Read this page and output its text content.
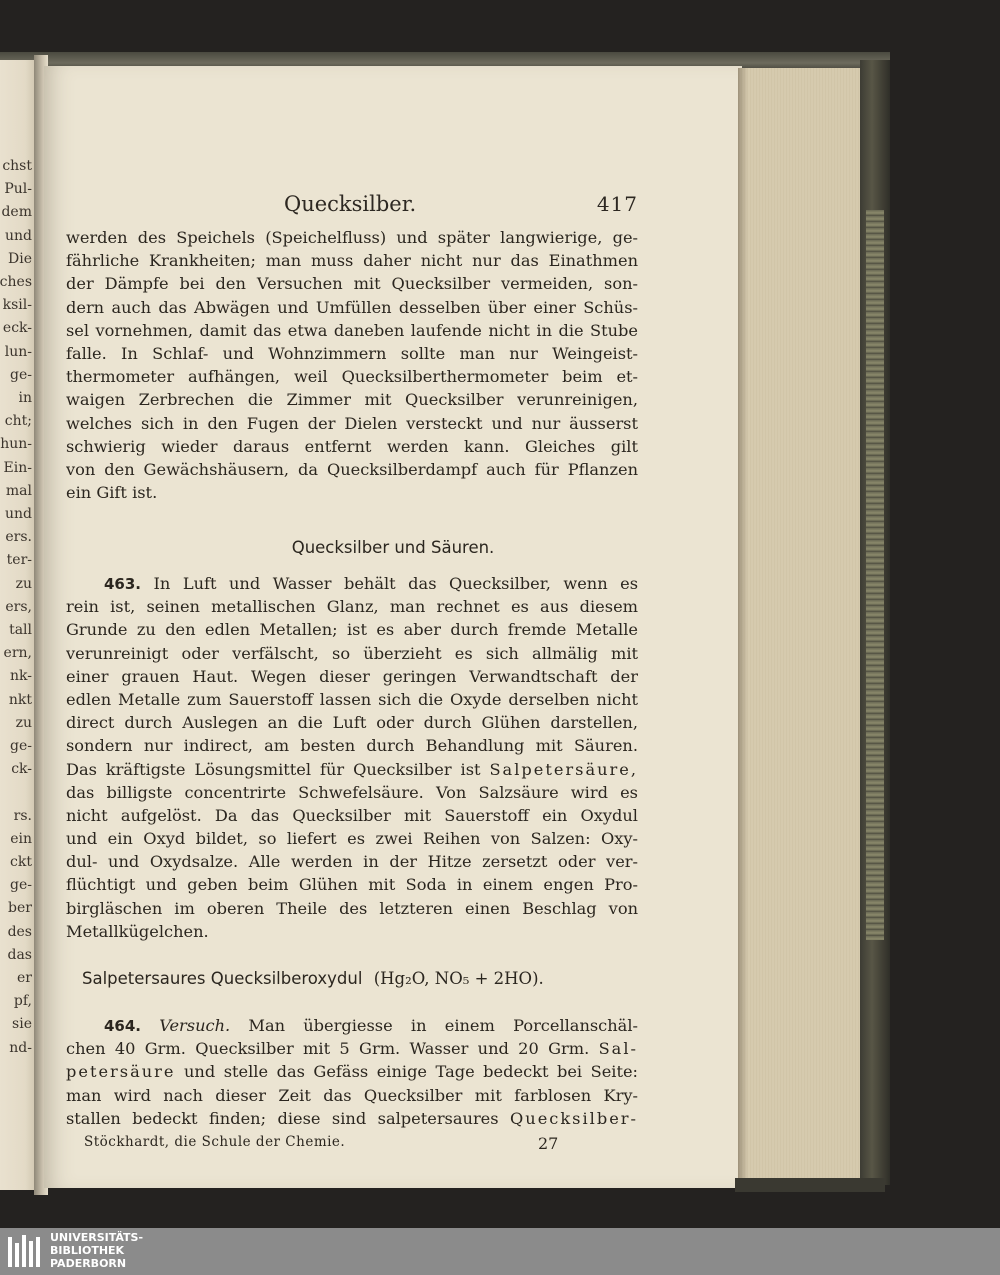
chst
Pul-
dem
und
Die
ches
ksil-
eck-
lun-
ge-
in
cht;
hun-
Ein-
mal
und
ers.
ter-
zu
ers,
tall
ern,
nk-
nkt
zu
ge-
ck-
rs.
ein
ckt
ge-
ber
des
das
er
pf,
sie
nd-
Quecksilber.	417
werden des Speichels (Speichelfluss) und später langwierige, ge-
fährliche Krankheiten; man muss daher nicht nur das Einathmen
der Dämpfe bei den Versuchen mit Quecksilber vermeiden, son-
dern auch das Abwägen und Umfüllen desselben über einer Schüs-
sel vornehmen, damit das etwa daneben laufende nicht in die Stube
falle. In Schlaf- und Wohnzimmern sollte man nur Weingeist-
thermometer aufhängen, weil Quecksilberthermometer beim et-
waigen Zerbrechen die Zimmer mit Quecksilber verunreinigen,
welches sich in den Fugen der Dielen versteckt und nur äusserst
schwierig wieder daraus entfernt werden kann. Gleiches gilt
von den Gewächshäusern, da Quecksilberdampf auch für Pflanzen
ein Gift ist.
Quecksilber und Säuren.
463. In Luft und Wasser behält das Quecksilber, wenn es
rein ist, seinen metallischen Glanz, man rechnet es aus diesem
Grunde zu den edlen Metallen; ist es aber durch fremde Metalle
verunreinigt oder verfälscht, so überzieht es sich allmälig mit
einer grauen Haut. Wegen dieser geringen Verwandtschaft der
edlen Metalle zum Sauerstoff lassen sich die Oxyde derselben nicht
direct durch Auslegen an die Luft oder durch Glühen darstellen,
sondern nur indirect, am besten durch Behandlung mit Säuren.
Das kräftigste Lösungsmittel für Quecksilber ist Salpetersäure,
das billigste concentrirte Schwefelsäure. Von Salzsäure wird es
nicht aufgelöst. Da das Quecksilber mit Sauerstoff ein Oxydul
und ein Oxyd bildet, so liefert es zwei Reihen von Salzen: Oxy-
dul- und Oxydsalze. Alle werden in der Hitze zersetzt oder ver-
flüchtigt und geben beim Glühen mit Soda in einem engen Pro-
birgläschen im oberen Theile des letzteren einen Beschlag von
Metallkügelchen.
Salpetersaures Quecksilberoxydul (Hg₂O, NO₅ + 2HO).
464. Versuch. Man übergiesse in einem Porcellanschäl-
chen 40 Grm. Quecksilber mit 5 Grm. Wasser und 20 Grm. Sal-
petersäure und stelle das Gefäss einige Tage bedeckt bei Seite:
man wird nach dieser Zeit das Quecksilber mit farblosen Kry-
stallen bedeckt finden; diese sind salpetersaures Quecksilber-
Stöckhardt, die Schule der Chemie.	27
UNIVERSITÄTS-
BIBLIOTHEK
PADERBORN
